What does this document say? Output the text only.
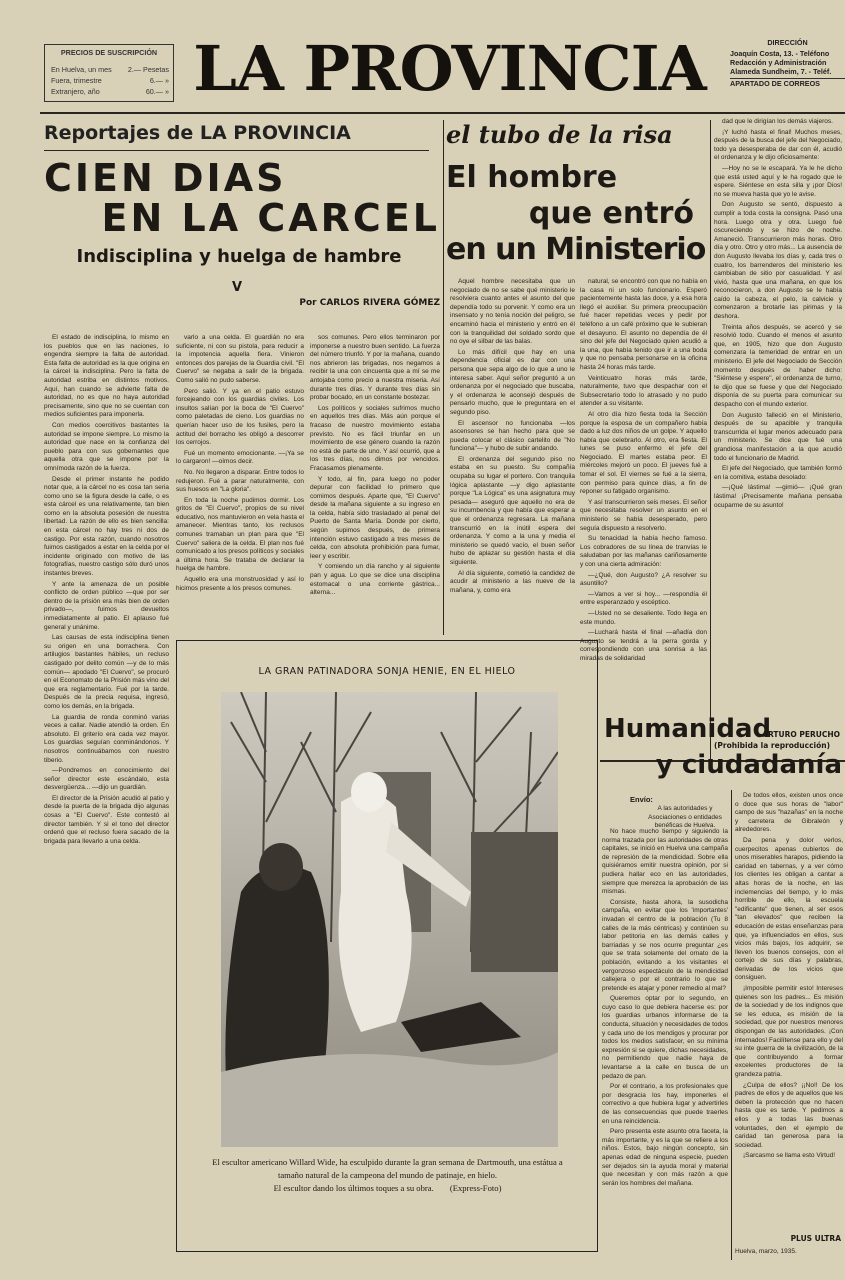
PRECIOS DE SUSCRIPCIÓN
En Huelva, un mes 2.— Pesetas
Fuera, trimestre	6.— »
Extranjero, año	60.— » LA PROVINCIA	DIRECCIÓN
Joaquín Costa, 13. - Teléfono
Redacción y Administración
Alameda Sundheim, 7. - Teléf.
APARTADO DE CORREOS
Reportajes de LA PROVINCIA
CIEN DIAS
EN LA CARCEL
Indisciplina y huelga de hambre
V
Por CARLOS RIVERA GÓMEZ

El estado de indisciplina, lo mismo en los pueblos que en las naciones, lo engendra siempre la falta de autoridad. Esta falta de autoridad es la que origina en la cárcel la indisciplina. Pero la falta de autoridad estriba en distintos motivos. Aquí, han cuando se advierte falta de autoridad, no es que no haya autoridad precisamente, sino que no se cuentan con medios suficientes para imponerla.

Con medios coercitivos bastantes la autoridad se impone siempre. Lo mismo la autoridad que nace en la confianza del pueblo para con sus gobernantes que aquella otra que se impone por la omnímoda razón de la fuerza.

Desde el primer instante he podido notar que, a la cárcel no es cosa tan seria como uno se la figura desde la calle, o es esta cárcel es una relativamente, tan bien como en la absoluta posesión de nuestra libertad. La razón de ello es bien sencilla: en esta cárcel no hay tres ni dos de castigo. Por esta razón, cuando nosotros fuimos castigados a estar en la celda por el incidente originado con motivo de las fotografías, nuestro castigo sólo duró unos instantes breves.

Y ante la amenaza de un posible conflicto de orden público —que por ser dentro de la prisión era más bien de orden privado—, fuimos devueltos inmediatamente al patio. El aplauso fué general y unánime.

Las causas de esta indisciplina tienen su origen en una borrachera. Con artilugios bastantes hábiles, un recluso castigado por delito común —y de lo más común— apodado "El Cuervo", se procuró en el Economato de la Prisión más vino del que era reglamentario. Fué por la tarde. Después de la precia requisa, ingresó, como los demás, en la brigada.

La guardia de ronda conminó varias veces a callar. Nadie atendió la orden. En absoluto. El griterío era cada vez mayor. Los guardias seguían conminándonos. Y nosotros continuábamos con nuestro tiberio.

—Pondremos en conocimiento del señor director este escándalo, esta desvergüenza... —dijo un guardián.

El director de la Prisión acudió al patio y desde la puerta de la brigada dijo algunas cosas a "El Cuervo". Este contestó al director también. Y si el tono del director ordenó que el recluso fuera sacado de la brigada para llevarlo a una celda.

varlo a una celda. El guardián no era suficiente, ni con su pistola, para reducir a la impotencia aquella fiera. Vinieron entonces dos parejas de la Guardia civil. "El Cuervo" se negaba a salir de la brigada. Como salió no pudo saberse.

Pero salió. Y ya en el patio estuvo forcejeando con los guardias civiles. Los insultos salían por la boca de "El Cuervo" como paletadas de cieno. Los guardias no querían hacer uso de los fusiles, pero la actitud del borracho les obligó a descorrer los cerrojos.

Fué un momento emocionante. —¡Ya se lo cargaron! —oímos decir.

No. No llegaron a disparar. Entre todos lo redujeron. Fué a parar naturalmente, con sus huesos en "La gloria".

En toda la noche pudimos dormir. Los gritos de "El Cuervo", propios de su nivel educativo, nos mantuvieron en vela hasta el amanecer. Mientras tanto, los reclusos comunes tramaban un plan para que "El Cuervo" saliera de la celda. El plan nos fué comunicado a los presos políticos y sociales a última hora. Se trataba de declarar la huelga de hambre.

Aquello era una monstruosidad y así lo hicimos presente a los presos comunes.

sos comunes. Pero ellos terminaron por imponerse a nuestro buen sentido. La fuerza del número triunfó. Y por la mañana, cuando nos abrieron las brigadas, nos negamos a recibir la una con cincuenta que a mí se me antojaba como precio a nuestra miseria. Así durante tres días. Y durante tres días sin probar bocado, en un constante bostezar.

Los políticos y sociales sufrimos mucho en aquellos tres días. Más aún porque el fracaso de nuestro movimiento estaba previsto. No es fácil triunfar en un movimiento de ese género cuando la razón no está de parte de uno. Y así ocurrió, que a los tres días, nos dimos por vencidos. Fracasamos plenamente.

Y todo, al fin, para luego no poder depurar con facilidad lo primero que comimos después. Aparte que, "El Cuervo" desde la mañana siguiente a su ingreso en la celda, había sido trasladado al penal del Puerto de Santa María. Donde por cierto, según supimos después, de primera intención estuvo castigado a tres meses de celda, con absoluta prohibición para fumar, leer y escribir.

Y comiendo un día rancho y al siguiente pan y agua. Lo que se dice una disciplina estomacal o una corriente gástrica... alterna...

el tubo de la risa
El hombre
que entró
en un Ministerio

Aquel hombre necesitaba que un negociado de no se sabe qué ministerio le resolviera cuanto antes el asunto del que dependía todo su porvenir. Y como era un insensato y no tenía noción del peligro, se encaminó hacia el ministerio y entró en él con la tranquilidad del soldado sordo que no oye el silbar de las balas.

Lo más difícil que hay en una dependencia oficial es dar con una persona que sepa algo de lo que a uno le interesa saber. Aquí señor preguntó a un ordenanza por el negociado que buscaba, y el ordenanza le aconsejó después de pensarlo mucho, que le preguntara en el segundo piso.

El ascensor no funcionaba —los ascensores se han hecho para que se pueda colocar el clásico cartelito de "No funciona"— y hubo de subir andando.

El ordenanza del segundo piso no estaba en su puesto. Su compañía ocupaba su lugar el portero. Con tranquila lógica aplastante —y digo aplastante porque "La Lógica" es una asignatura muy pesada— aseguró que aquello no era de su incumbencia y que había que esperar a que el ordenanza regresara. La mañana transcurrió en la inútil espera del ordenanza. Y como a la una y media el ministerio se quedó vacío, el buen señor hubo de aplazar su gestión hasta el día siguiente.

Al día siguiente, cometió la candidez de acudir al ministerio a las nueve de la mañana, y, como era

natural, se encontró con que no había en la casa ni un solo funcionario. Esperó pacientemente hasta las doce, y a esa hora llegó el auxiliar. Su primera preocupación fué hacer repetidas veces y pedir por teléfono a un café próximo que le subieran el desayuno. El asunto no dependía de él sino del jefe del Negociado quien acudió a la una, que había tenido que ir a una boda y que no pensaba personarse en la oficina hasta 24 horas más tarde.

Veinticuatro horas más tarde, naturalmente, tuvo que despachar con el Subsecretario todo lo atrasado y no pudo atender a su visitante.

Al otro día hizo fiesta toda la Sección porque la esposa de un compañero había dado a luz dos niños de un golpe. Y aquello había que celebrarlo. Al otro, era fiesta. El lunes se puso enfermo el jefe del Negociado. El martes estaba peor. El miércoles mejoró un poco. El jueves fué a tomar el sol. El viernes se fué a la sierra, con permiso para quince días, a fin de reponer su fatigado organismo.

Y así transcurrieron seis meses. El señor que necesitaba resolver un asunto en el ministerio se había desesperado, pero seguía dispuesto a resolverlo.

Su tenacidad la había hecho famoso. Los cobradores de su línea de tranvías le saludaban por las mañanas cariñosamente y con una cierta admiración:

—¿Qué, don Augusto? ¿A resolver su asuntillo?

—Vamos a ver si hoy... —respondía él entre esperanzado y escéptico.

—Usted no se desaliente. Todo llega en este mundo.

—Luchará hasta el final —añadía don Augusto se tendrá a la perra gorda y correspondiendo con una sonrisa a las miradas de solidaridad

dad que le dirigían los demás viajeros.

¡Y luchó hasta el final! Muchos meses, después de la busca del jefe del Negociado, todo ya desesperaba de dar con él, acudió el ordenanza y le dijo oficiosamente:

—Hoy no se le escapará. Ya le he dicho que está usted aquí y le ha rogado que le espere. Siéntese en esta silla y ¡por Dios! no se mueva hasta que yo le avise.

Don Augusto se sentó, dispuesto a cumplir a toda costa la consigna. Pasó una hora. Luego otra y otra. Luego fué oscureciendo y se hizo de noche. Amaneció. Transcurrieron más horas. Otro día y otro. Otro y otro más... La ausencia de don Augusto llevaba los días y, cada tres o cuatro, los barrenderos del ministerio les cambiaban de sitio por casualidad. Y así vivió, hasta que una mañana, en que los reconocieron, a don Augusto se le había caído la cabeza, el pelo, la calvicie y comenzaron a brotarle las pirimas y la deshora.

Treinta años después, se acercó y se resolvió todo. Cuando el menos el asunto que, en 1905, hizo que don Augusto comenzara la temeridad de entrar en un ministerio. El jefe del Negociado de Sección momento después de haber dicho: "Siéntese y espere", el ordenanza de turno, le dijo que se fuese y que del Negociado disponía de su puerta para comunicar su despacho con el mundo exterior.

Don Augusto falleció en el Ministerio, después de su apacible y tranquila transcurrida el lugar menos adecuado para un ministerio. Se dice que fué una grandiosa manifestación a la que acudió todo el funcionario de Madrid.

El jefe del Negociado, que también formó en la comitiva, estaba desolado:

—¡Qué lástima! —gimió— ¡Qué gran lástima! ¡Precisamente mañana pensaba ocuparme de su asunto!

ARTURO PERUCHO
(Prohibida la reproducción)
LA GRAN PATINADORA SONJA HENIE, EN EL HIELO
El escultor americano Willard Wide, ha esculpido durante la gran semana de Dartmouth, una estátua a tamaño natural de la campeona del mundo de patinaje, en hielo.
El escultor dando los últimos toques a su obra. (Express-Foto)
Humanidad
y ciudadanía
Envío:
A las autoridades y Asociaciones o entidades benéficas de Huelva.

No hace mucho tiempo y siguiendo la norma trazada por las autoridades de otras capitales, se inició en Huelva una campaña de represión de la mendicidad. Sobre ella quisiéramos emitir nuestra opinión, por si pudiera hallar eco en las autoridades, siempre que merezca la aprobación de las mismas.

Consiste, hasta ahora, la susodicha campaña, en evitar que los 'importantes' invadan el centro de la población (Tu 8 calles de la más céntricas) y continúen su labor petitoria en las demás calles y barriadas y se nos ocurre preguntar ¿es que se trata solamente del ornato de la población, evitando a los visitantes el vergonzoso espectáculo de la mendicidad callejera o por el contrario lo que se pretende es atajar y poner remedio al mal?

Queremos optar por lo segundo, en cuyo caso lo que debiera hacerse es: por los guardias urbanos informarse de la conducta, situación y necesidades de todos y cada uno de los mendigos y procurar por todos los medios satisfacer, en su mínima expresión si se quiere, dichas necesidades, no permitiendo que nadie haya de levantarse a la calle en busca de un pedazo de pan.

Por el contrario, a los profesionales que por desgracia los hay, imponerles el correctivo a que hubiera lugar y advertirles de las consecuencias que puede traerles en una reincidencia.

Pero presenta este asunto otra faceta, la más importante, y es la que se refiere a los niños. Estos, bajo ningún concepto, sin apenas edad de ninguna especie, pueden ser dejados sin la ayuda moral y material que necesitan y con más razón a que serán los hombres del mañana.

De todos ellos, existen unos once o doce que sus horas de "labor" campo de sus "hazañas" en la noche y carretera de Gibraleón y alrededores.

Da pena y dolor verlos, cuerpecitos apenas cubiertos de unos miserables harapos, pidiendo la caridad en tabernas, y a ver cómo los clientes les obligan a cantar a altas horas de la noche, en las inclemencias del tiempo, y lo más horrible de ello, la escuela "edificante" que tienen, al ser esos "tan elevados" que reciben la educación de estas enseñanzas para que, ya influenciados en ellos, sus vicios más bajos, los adquirir, se lleven los buenos consejos, con el cortejo de sus días y palabras, derivadas de los vicios que consiguen.

¡Imposible permitir esto! Intereses quienes son los padres... Es misión de la sociedad y de los indignos que se les educa, es misión de la sociedad, que por nuestros menores dispongan de las autoridades. ¡Con internados! Facilítense para ello y del su inte guerra de la civilización, de la que contribuyendo a formar excelentes productores de la grandeza patria.

¿Culpa de ellos? ¡¡No!! De los padres de ellos y de aquellos que les deben la protección que no hacen hasta que es tarde. Y pedimos a ellos y a todas las buenas voluntades, den el ejemplo de caridad tan generosa para la sociedad.

¡Sarcasmo se llama esto Virtud!

PLUS ULTRA
Huelva, marzo, 1935.
